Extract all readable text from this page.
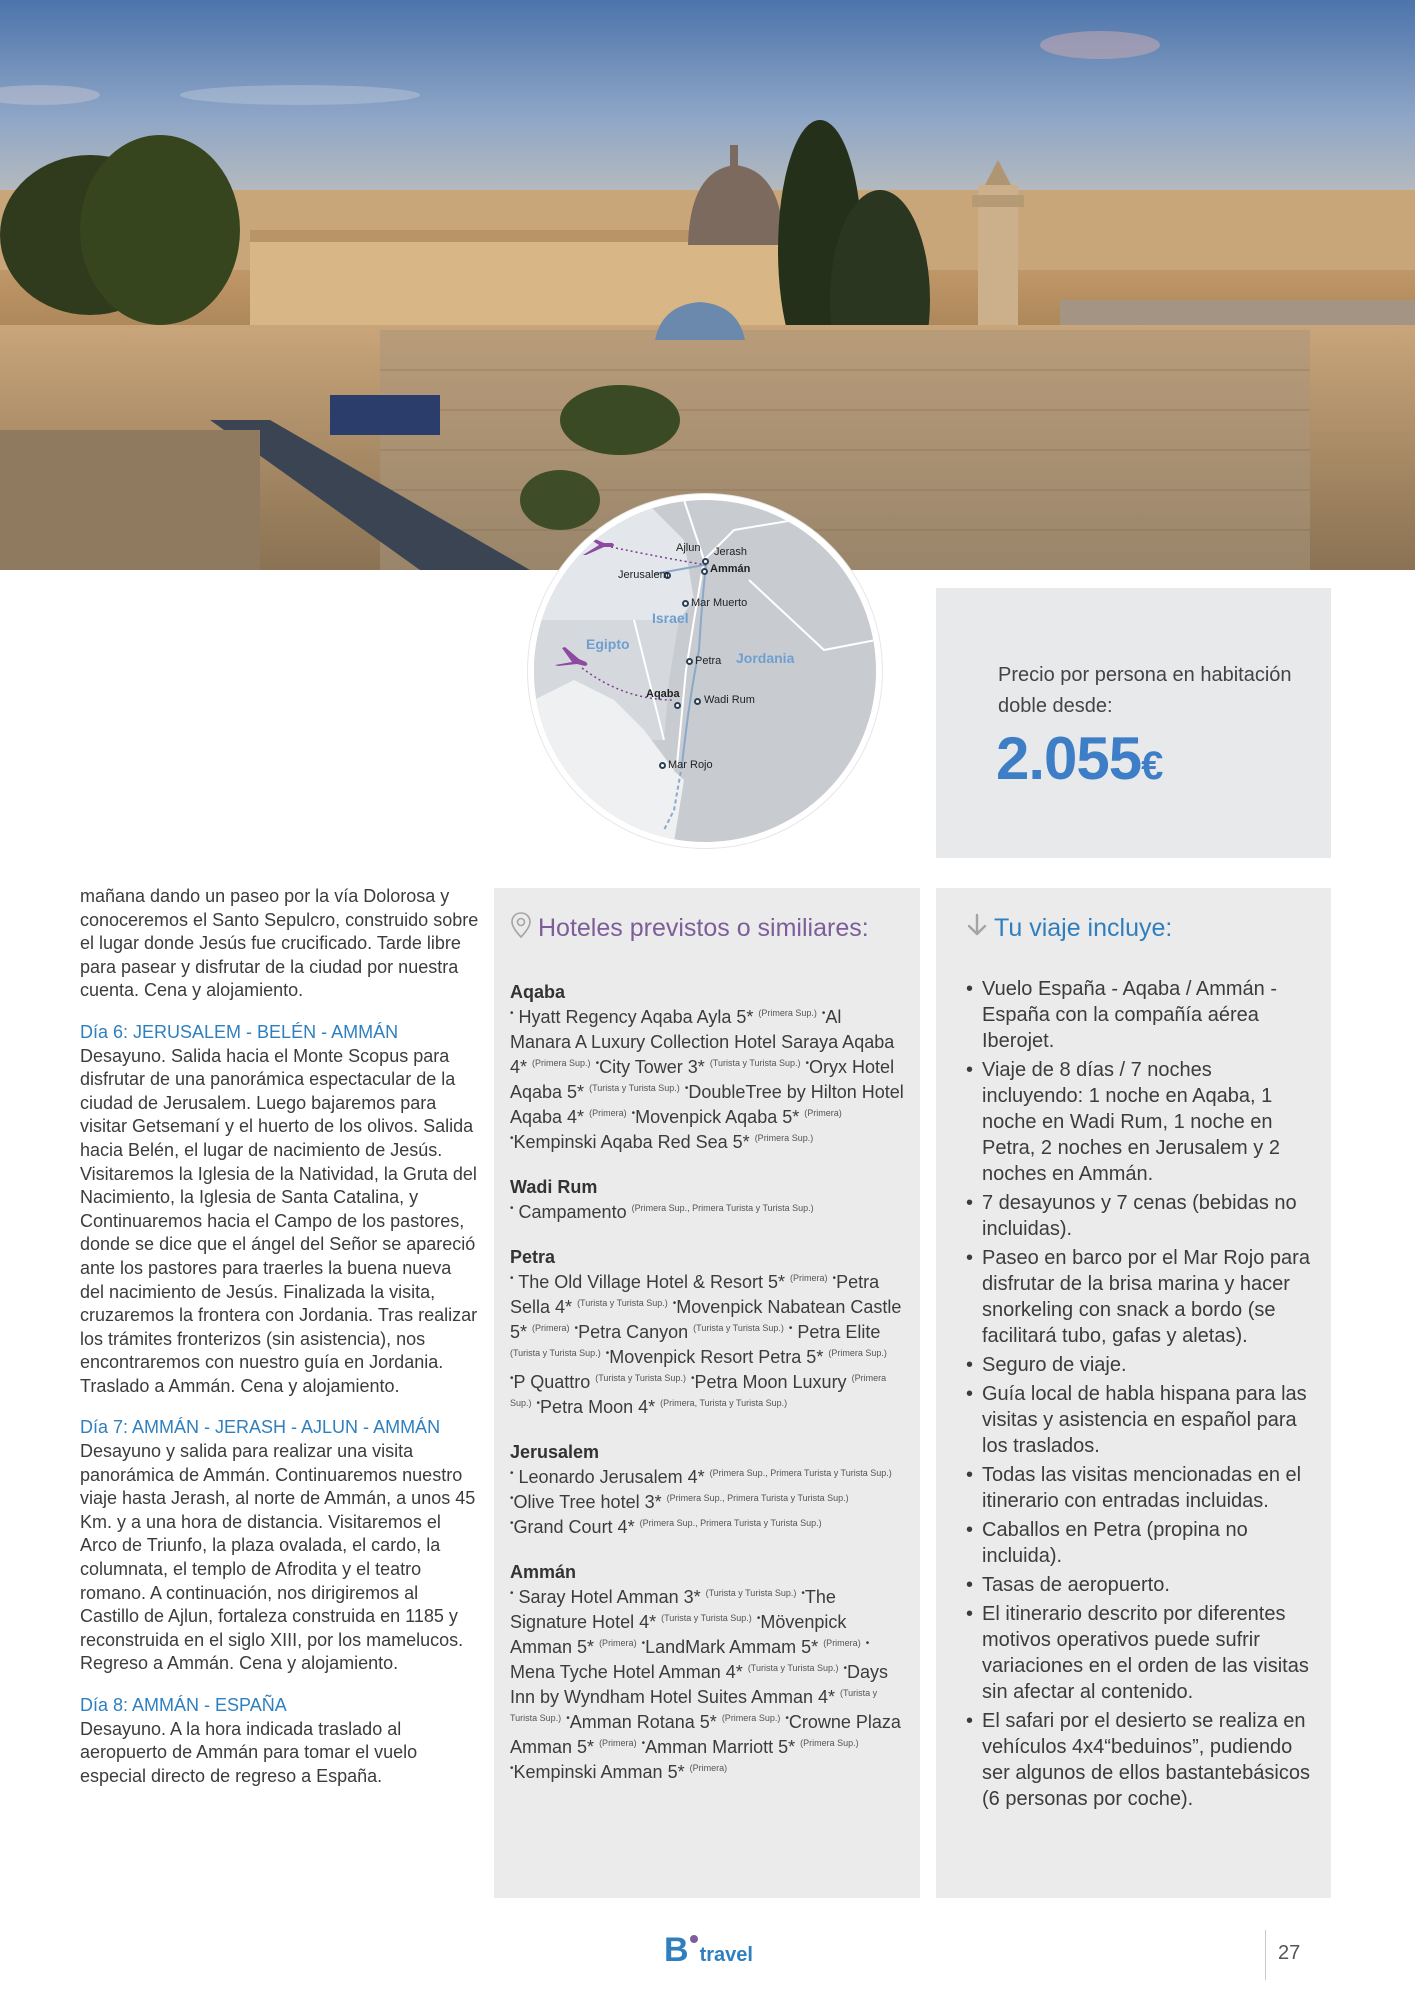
Ajlun Jerash
Ammán
Jerusalem
Mar Muerto
Petra
Aqaba Wadi Rum
Mar Rojo
Israel
Egipto
Jordania
Precio por persona en habitación doble desde:
2.055€

mañana dando un paseo por la vía Dolorosa y conoceremos el Santo Sepulcro, construido sobre el lugar donde Jesús fue crucificado. Tarde libre para pasear y disfrutar de la ciudad por nuestra cuenta. Cena y alojamiento.

Día 6: JERUSALEM - BELÉN - AMMÁN

Desayuno. Salida hacia el Monte Scopus para disfrutar de una panorámica espectacular de la ciudad de Jerusalem. Luego bajaremos para visitar Getsemaní y el huerto de los olivos. Salida hacia Belén, el lugar de nacimiento de Jesús. Visitaremos la Iglesia de la Natividad, la Gruta del Nacimiento, la Iglesia de Santa Catalina, y Continuaremos hacia el Campo de los pastores, donde se dice que el ángel del Señor se apareció ante los pastores para traerles la buena nueva del nacimiento de Jesús. Finalizada la visita, cruzaremos la frontera con Jordania. Tras realizar los trámites fronterizos (sin asistencia), nos encontraremos con nuestro guía en Jordania. Traslado a Ammán. Cena y alojamiento.

Día 7: AMMÁN - JERASH - AJLUN - AMMÁN

Desayuno y salida para realizar una visita panorámica de Ammán. Continuaremos nuestro viaje hasta Jerash, al norte de Ammán, a unos 45 Km. y a una hora de distancia. Visitaremos el Arco de Triunfo, la plaza ovalada, el cardo, la columnata, el templo de Afrodita y el teatro romano. A continuación, nos dirigiremos al Castillo de Ajlun, fortaleza construida en 1185 y reconstruida en el siglo XIII, por los mamelucos. Regreso a Ammán. Cena y alojamiento.

Día 8: AMMÁN - ESPAÑA

Desayuno. A la hora indicada traslado al aeropuerto de Ammán para tomar el vuelo especial directo de regreso a España.

Hoteles previstos o similiares:
Aqaba
• Hyatt Regency Aqaba Ayla 5* $^{(Primera Sup.)}$ •Al Manara A Luxury Collection Hotel Saraya Aqaba 4* $^{(Primera Sup.)}$ •City Tower 3* $^{(Turista y Turista Sup.)}$ •Oryx Hotel Aqaba 5* $^{(Turista y Turista Sup.)}$ •DoubleTree by Hilton Hotel Aqaba 4* $^{(Primera)}$ •Movenpick Aqaba 5* $^{(Primera)}$ •Kempinski Aqaba Red Sea 5* $^{(Primera Sup.)}$
Wadi Rum
• Campamento $^{(Primera Sup., Primera Turista y Turista Sup.)}$
Petra
• The Old Village Hotel & Resort 5* $^{(Primera)}$ •Petra Sella 4* $^{(Turista y Turista Sup.)}$ •Movenpick Nabatean Castle 5* $^{(Primera)}$ •Petra Canyon $^{(Turista y Turista Sup.)}$ • Petra Elite $^{(Turista y Turista Sup.)}$ •Movenpick Resort Petra 5* $^{(Primera Sup.)}$ •P Quattro $^{(Turista y Turista Sup.)}$ •Petra Moon Luxury $^{(Primera Sup.)}$ •Petra Moon 4* $^{(Primera, Turista y Turista Sup.)}$
Jerusalem
• Leonardo Jerusalem 4* $^{(Primera Sup., Primera Turista y Turista Sup.)}$ •Olive Tree hotel 3* $^{(Primera Sup., Primera Turista y Turista Sup.)}$ •Grand Court 4* $^{(Primera Sup., Primera Turista y Turista Sup.)}$
Ammán
• Saray Hotel Amman 3* $^{(Turista y Turista Sup.)}$ •The Signature Hotel 4* $^{(Turista y Turista Sup.)}$ •Mövenpick Amman 5* $^{(Primera)}$ •LandMark Ammam 5* $^{(Primera)}$ • Mena Tyche Hotel Amman 4* $^{(Turista y Turista Sup.)}$ •Days Inn by Wyndham Hotel Suites Amman 4* $^{(Turista y Turista Sup.)}$ •Amman Rotana 5* $^{(Primera Sup.)}$ •Crowne Plaza Amman 5* $^{(Primera)}$ •Amman Marriott 5* $^{(Primera Sup.)}$ •Kempinski Amman 5* $^{(Primera)}$
Tu viaje incluye:
• Vuelo España - Aqaba / Ammán - España con la compañía aérea Iberojet.
• Viaje de 8 días / 7 noches incluyendo: 1 noche en Aqaba, 1 noche en Wadi Rum, 1 noche en Petra, 2 noches en Jerusalem y 2 noches en Ammán.
• 7 desayunos y 7 cenas (bebidas no incluidas).
• Paseo en barco por el Mar Rojo para disfrutar de la brisa marina y hacer snorkeling con snack a bordo (se facilitará tubo, gafas y aletas).
• Seguro de viaje.
• Guía local de habla hispana para las visitas y asistencia en español para los traslados.
• Todas las visitas mencionadas en el itinerario con entradas incluidas.
• Caballos en Petra (propina no incluida).
• Tasas de aeropuerto.
• El itinerario descrito por diferentes motivos operativos puede sufrir variaciones en el orden de las visitas sin afectar al contenido.
• El safari por el desierto se realiza en vehículos 4x4“beduinos”, pudiendo ser algunos de ellos bastantebásicos (6 personas por coche).
B travel	27
